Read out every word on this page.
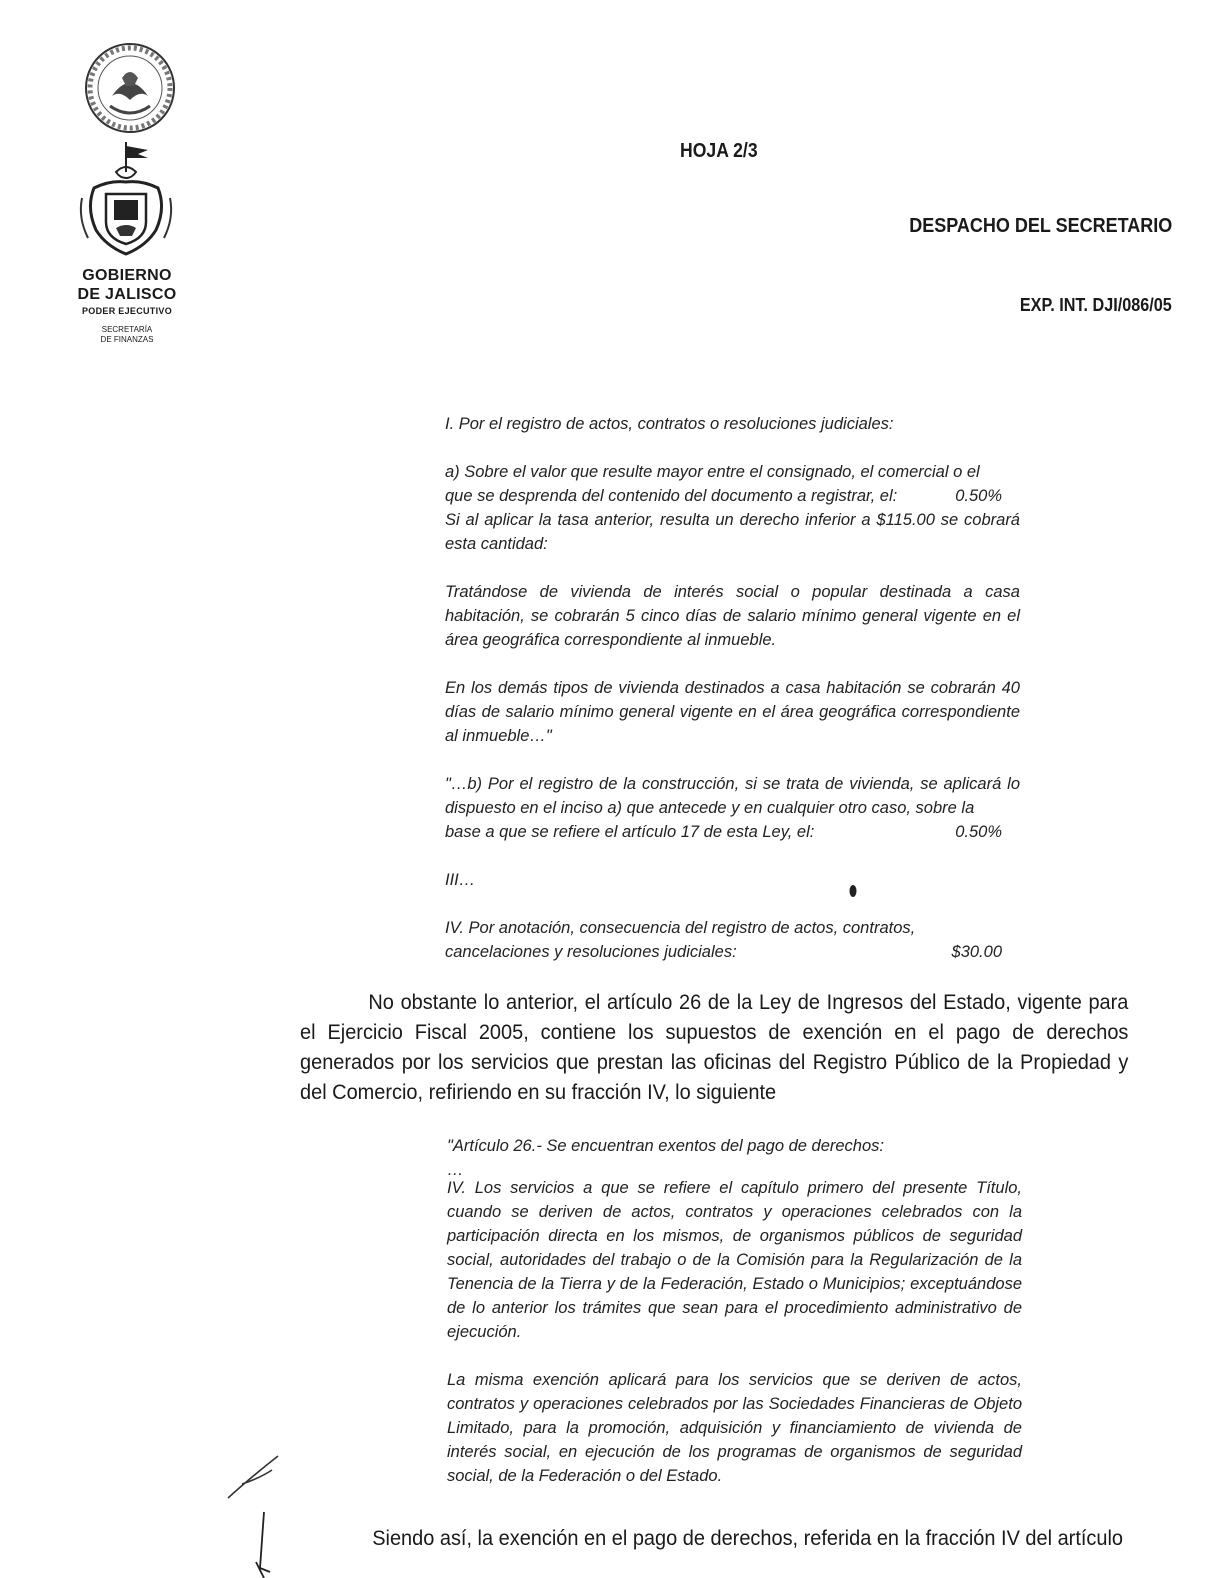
GOBIERNO
DE JALISCO
PODER EJECUTIVO
SECRETARÍA
DE FINANZAS
HOJA 2/3
DESPACHO DEL SECRETARIO
EXP. INT. DJI/086/05

I. Por el registro de actos, contratos o resoluciones judiciales:

a) Sobre el valor que resulte mayor entre el consignado, el comercial o el

que se desprenda del contenido del documento a registrar, el:	0.50%

Si al aplicar la tasa anterior, resulta un derecho inferior a $115.00 se cobrará esta cantidad:

Tratándose de vivienda de interés social o popular destinada a casa habitación, se cobrarán 5 cinco días de salario mínimo general vigente en el área geográfica correspondiente al inmueble.

En los demás tipos de vivienda destinados a casa habitación se cobrarán 40 días de salario mínimo general vigente en el área geográfica correspondiente al inmueble…"

"…b) Por el registro de la construcción, si se trata de vivienda, se aplicará lo dispuesto en el inciso a) que antecede y en cualquier otro caso, sobre la

base a que se refiere el artículo 17 de esta Ley, el:	0.50%

III…

IV. Por anotación, consecuencia del registro de actos, contratos,

cancelaciones y resoluciones judiciales:	$30.00

No obstante lo anterior, el artículo 26 de la Ley de Ingresos del Estado, vigente para el Ejercicio Fiscal 2005, contiene los supuestos de exención en el pago de derechos generados por los servicios que prestan las oficinas del Registro Público de la Propiedad y del Comercio, refiriendo en su fracción IV, lo siguiente

"Artículo 26.- Se encuentran exentos del pago de derechos:

…

IV. Los servicios a que se refiere el capítulo primero del presente Título, cuando se deriven de actos, contratos y operaciones celebrados con la participación directa en los mismos, de organismos públicos de seguridad social, autoridades del trabajo o de la Comisión para la Regularización de la Tenencia de la Tierra y de la Federación, Estado o Municipios; exceptuándose de lo anterior los trámites que sean para el procedimiento administrativo de ejecución.

La misma exención aplicará para los servicios que se deriven de actos, contratos y operaciones celebrados por las Sociedades Financieras de Objeto Limitado, para la promoción, adquisición y financiamiento de vivienda de interés social, en ejecución de los programas de organismos de seguridad social, de la Federación o del Estado.

Siendo así, la exención en el pago de derechos, referida en la fracción IV del artículo
